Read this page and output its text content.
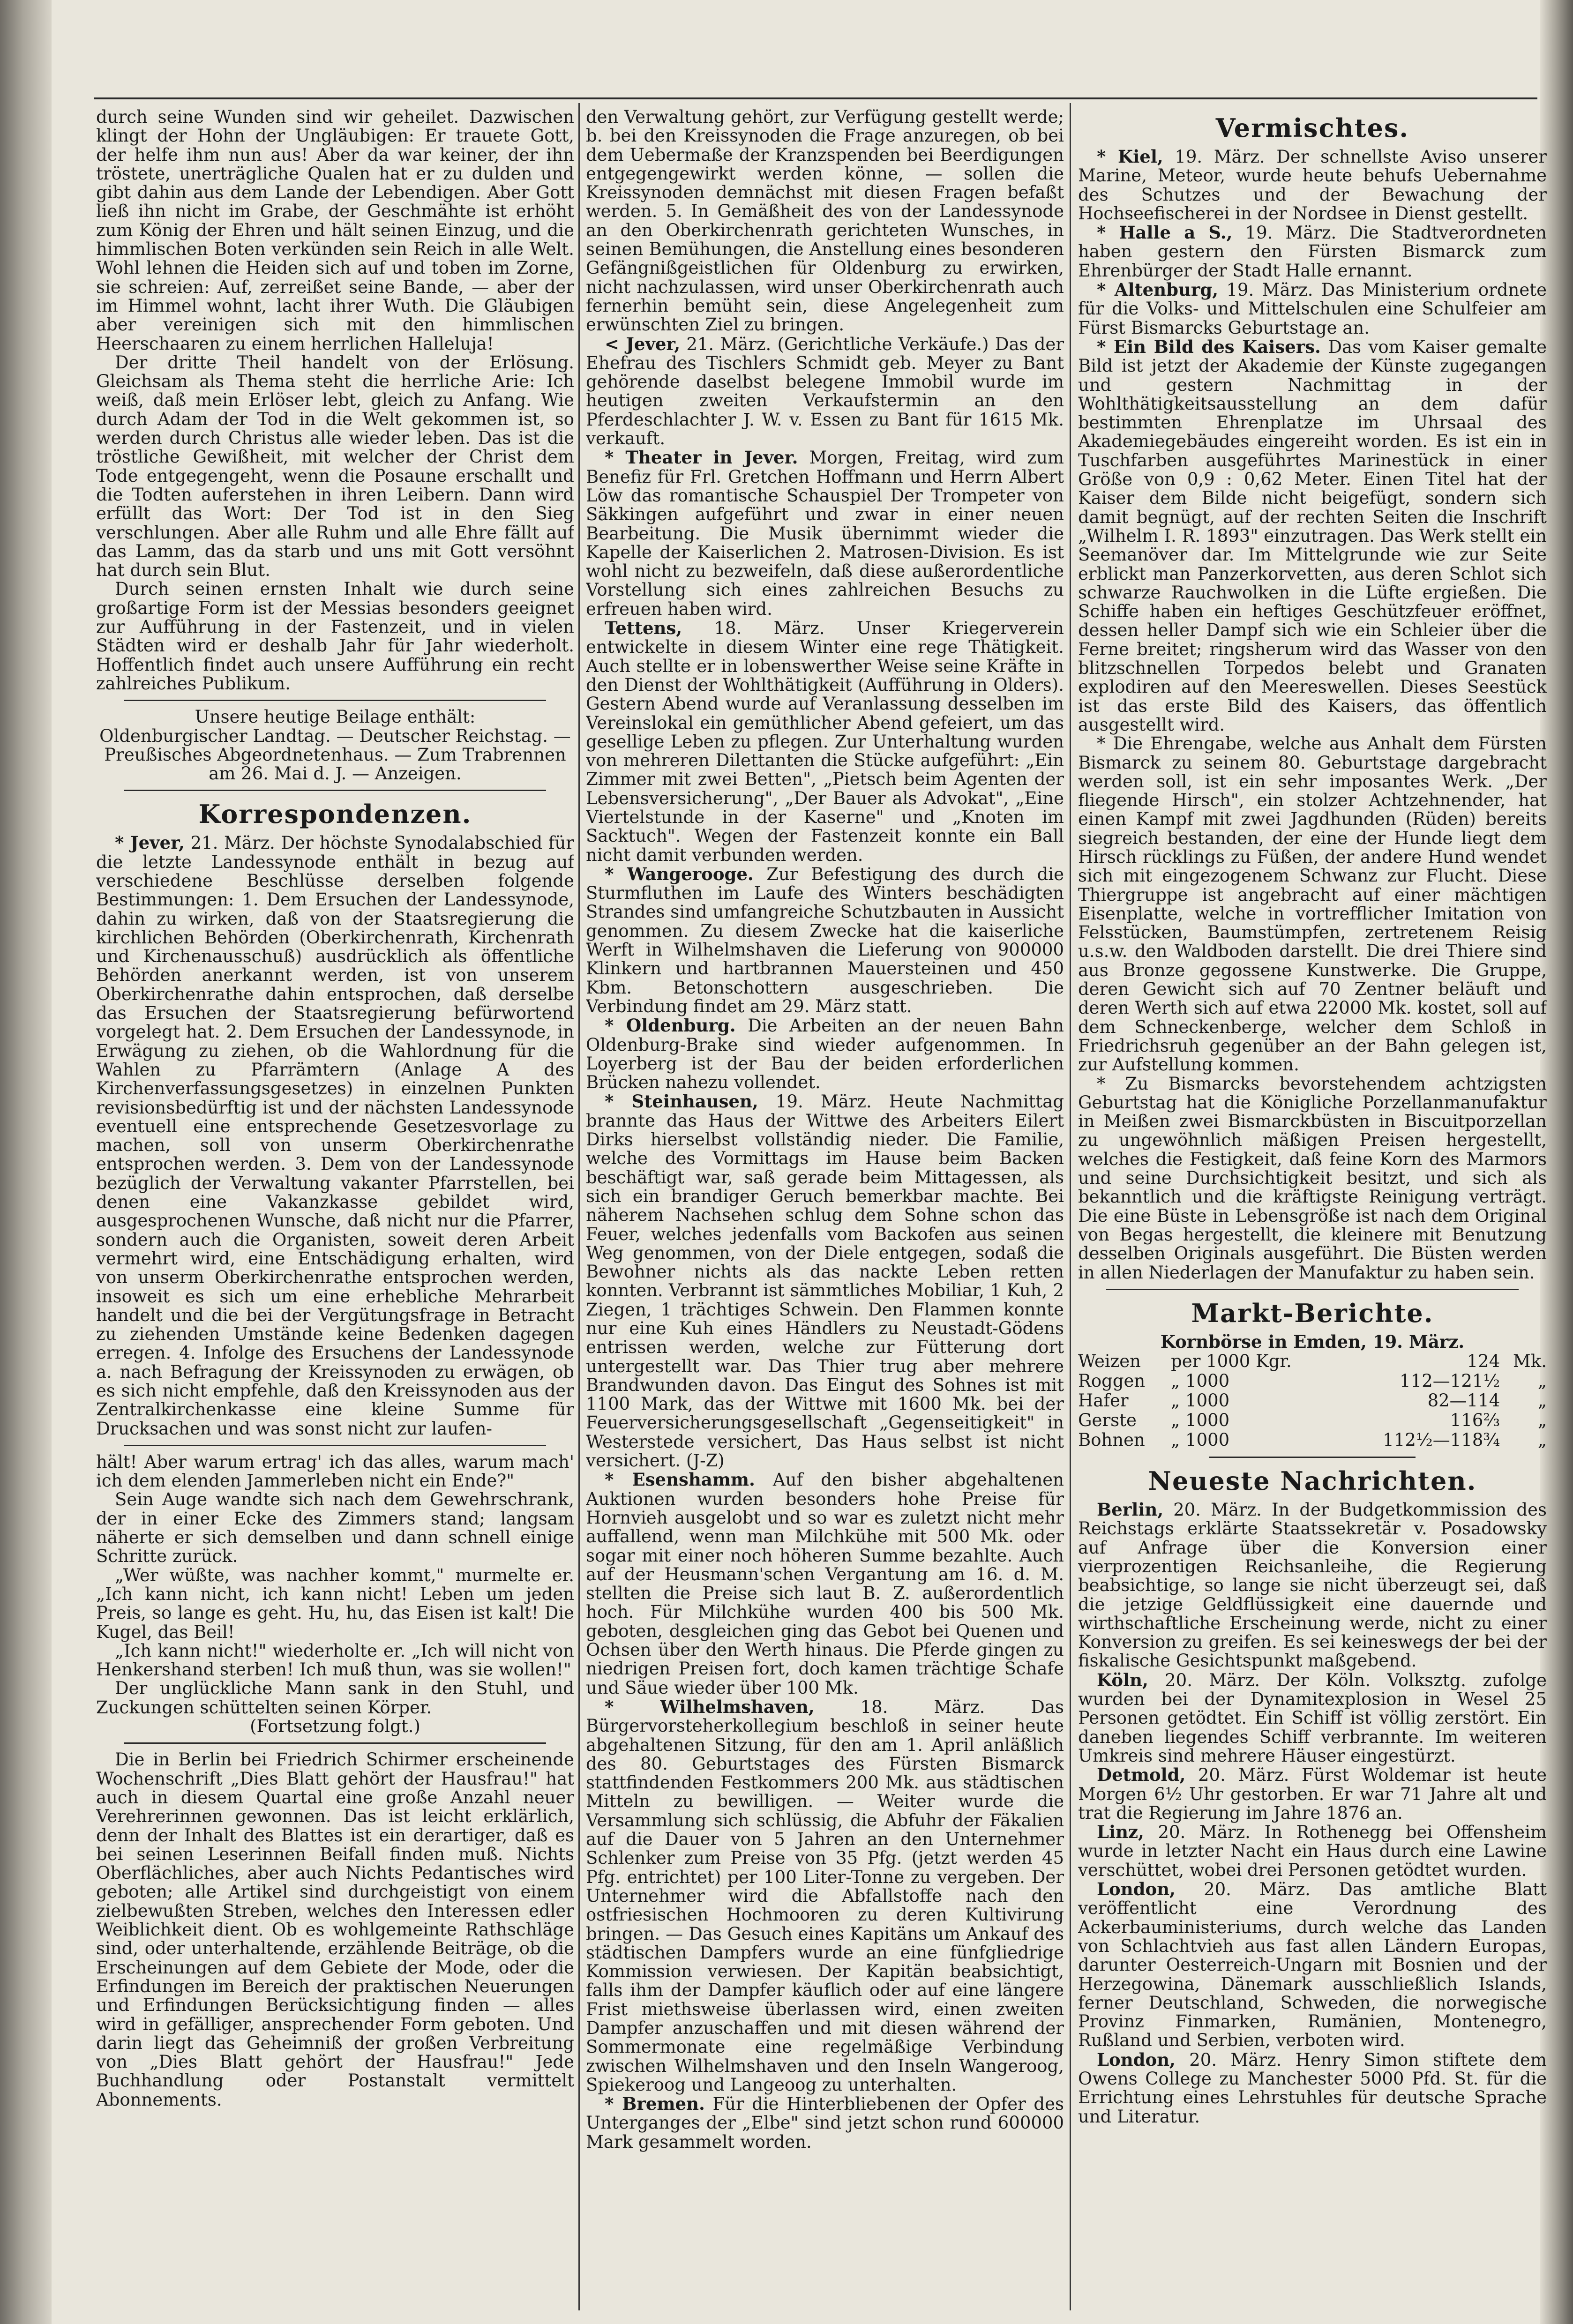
durch seine Wunden sind wir geheilet. Dazwischen klingt der Hohn der Ungläubigen: Er trauete Gott, der helfe ihm nun aus! Aber da war keiner, der ihn tröstete, unerträgliche Qualen hat er zu dulden und gibt dahin aus dem Lande der Lebendigen. Aber Gott ließ ihn nicht im Grabe, der Geschmähte ist erhöht zum König der Ehren und hält seinen Einzug, und die himmlischen Boten verkünden sein Reich in alle Welt. Wohl lehnen die Heiden sich auf und toben im Zorne, sie schreien: Auf, zerreißet seine Bande, — aber der im Himmel wohnt, lacht ihrer Wuth. Die Gläubigen aber vereinigen sich mit den himmlischen Heerschaaren zu einem herrlichen Halleluja!

Der dritte Theil handelt von der Erlösung. Gleichsam als Thema steht die herrliche Arie: Ich weiß, daß mein Erlöser lebt, gleich zu Anfang. Wie durch Adam der Tod in die Welt gekommen ist, so werden durch Christus alle wieder leben. Das ist die tröstliche Gewißheit, mit welcher der Christ dem Tode entgegengeht, wenn die Posaune erschallt und die Todten auferstehen in ihren Leibern. Dann wird erfüllt das Wort: Der Tod ist in den Sieg verschlungen. Aber alle Ruhm und alle Ehre fällt auf das Lamm, das da starb und uns mit Gott versöhnt hat durch sein Blut.

Durch seinen ernsten Inhalt wie durch seine großartige Form ist der Messias besonders geeignet zur Aufführung in der Fastenzeit, und in vielen Städten wird er deshalb Jahr für Jahr wiederholt. Hoffentlich findet auch unsere Aufführung ein recht zahlreiches Publikum.

Unsere heutige Beilage enthält:

Oldenburgischer Landtag. — Deutscher Reichstag. — Preußisches Abgeordnetenhaus. — Zum Trabrennen am 26. Mai d. J. — Anzeigen.

Korrespondenzen.

* Jever, 21. März. Der höchste Synodalabschied für die letzte Landessynode enthält in bezug auf verschiedene Beschlüsse derselben folgende Bestimmungen: 1. Dem Ersuchen der Landessynode, dahin zu wirken, daß von der Staatsregierung die kirchlichen Behörden (Oberkirchenrath, Kirchenrath und Kirchenausschuß) ausdrücklich als öffentliche Behörden anerkannt werden, ist von unserem Oberkirchenrathe dahin entsprochen, daß derselbe das Ersuchen der Staatsregierung befürwortend vorgelegt hat. 2. Dem Ersuchen der Landessynode, in Erwägung zu ziehen, ob die Wahlordnung für die Wahlen zu Pfarrämtern (Anlage A des Kirchenverfassungsgesetzes) in einzelnen Punkten revisionsbedürftig ist und der nächsten Landessynode eventuell eine entsprechende Gesetzesvorlage zu machen, soll von unserm Oberkirchenrathe entsprochen werden. 3. Dem von der Landessynode bezüglich der Verwaltung vakanter Pfarrstellen, bei denen eine Vakanzkasse gebildet wird, ausgesprochenen Wunsche, daß nicht nur die Pfarrer, sondern auch die Organisten, soweit deren Arbeit vermehrt wird, eine Entschädigung erhalten, wird von unserm Oberkirchenrathe entsprochen werden, insoweit es sich um eine erhebliche Mehrarbeit handelt und die bei der Vergütungsfrage in Betracht zu ziehenden Umstände keine Bedenken dagegen erregen. 4. Infolge des Ersuchens der Landessynode a. nach Befragung der Kreissynoden zu erwägen, ob es sich nicht empfehle, daß den Kreissynoden aus der Zentralkirchenkasse eine kleine Summe für Drucksachen und was sonst nicht zur laufen-

hält! Aber warum ertrag' ich das alles, warum mach' ich dem elenden Jammerleben nicht ein Ende?"

Sein Auge wandte sich nach dem Gewehrschrank, der in einer Ecke des Zimmers stand; langsam näherte er sich demselben und dann schnell einige Schritte zurück.

„Wer wüßte, was nachher kommt," murmelte er. „Ich kann nicht, ich kann nicht! Leben um jeden Preis, so lange es geht. Hu, hu, das Eisen ist kalt! Die Kugel, das Beil!

„Ich kann nicht!" wiederholte er. „Ich will nicht von Henkershand sterben! Ich muß thun, was sie wollen!"

Der unglückliche Mann sank in den Stuhl, und Zuckungen schüttelten seinen Körper.

(Fortsetzung folgt.)

Die in Berlin bei Friedrich Schirmer erscheinende Wochenschrift „Dies Blatt gehört der Hausfrau!" hat auch in diesem Quartal eine große Anzahl neuer Verehrerinnen gewonnen. Das ist leicht erklärlich, denn der Inhalt des Blattes ist ein derartiger, daß es bei seinen Leserinnen Beifall finden muß. Nichts Oberflächliches, aber auch Nichts Pedantisches wird geboten; alle Artikel sind durchgeistigt von einem zielbewußten Streben, welches den Interessen edler Weiblichkeit dient. Ob es wohlgemeinte Rathschläge sind, oder unterhaltende, erzählende Beiträge, ob die Erscheinungen auf dem Gebiete der Mode, oder die Erfindungen im Bereich der praktischen Neuerungen und Erfindungen Berücksichtigung finden — alles wird in gefälliger, ansprechender Form geboten. Und darin liegt das Geheimniß der großen Verbreitung von „Dies Blatt gehört der Hausfrau!" Jede Buchhandlung oder Postanstalt vermittelt Abonnements.

den Verwaltung gehört, zur Verfügung gestellt werde; b. bei den Kreissynoden die Frage anzuregen, ob bei dem Uebermaße der Kranzspenden bei Beerdigungen entgegengewirkt werden könne, — sollen die Kreissynoden demnächst mit diesen Fragen befaßt werden. 5. In Gemäßheit des von der Landessynode an den Oberkirchenrath gerichteten Wunsches, in seinen Bemühungen, die Anstellung eines besonderen Gefängnißgeistlichen für Oldenburg zu erwirken, nicht nachzulassen, wird unser Oberkirchenrath auch fernerhin bemüht sein, diese Angelegenheit zum erwünschten Ziel zu bringen.

< Jever, 21. März. (Gerichtliche Verkäufe.) Das der Ehefrau des Tischlers Schmidt geb. Meyer zu Bant gehörende daselbst belegene Immobil wurde im heutigen zweiten Verkaufstermin an den Pferdeschlachter J. W. v. Essen zu Bant für 1615 Mk. verkauft.

* Theater in Jever. Morgen, Freitag, wird zum Benefiz für Frl. Gretchen Hoffmann und Herrn Albert Löw das romantische Schauspiel Der Trompeter von Säkkingen aufgeführt und zwar in einer neuen Bearbeitung. Die Musik übernimmt wieder die Kapelle der Kaiserlichen 2. Matrosen-Division. Es ist wohl nicht zu bezweifeln, daß diese außerordentliche Vorstellung sich eines zahlreichen Besuchs zu erfreuen haben wird.

Tettens, 18. März. Unser Kriegerverein entwickelte in diesem Winter eine rege Thätigkeit. Auch stellte er in lobenswerther Weise seine Kräfte in den Dienst der Wohlthätigkeit (Aufführung in Olders). Gestern Abend wurde auf Veranlassung desselben im Vereinslokal ein gemüthlicher Abend gefeiert, um das gesellige Leben zu pflegen. Zur Unterhaltung wurden von mehreren Dilettanten die Stücke aufgeführt: „Ein Zimmer mit zwei Betten", „Pietsch beim Agenten der Lebensversicherung", „Der Bauer als Advokat", „Eine Viertelstunde in der Kaserne" und „Knoten im Sacktuch". Wegen der Fastenzeit konnte ein Ball nicht damit verbunden werden.

* Wangerooge. Zur Befestigung des durch die Sturmfluthen im Laufe des Winters beschädigten Strandes sind umfangreiche Schutzbauten in Aussicht genommen. Zu diesem Zwecke hat die kaiserliche Werft in Wilhelmshaven die Lieferung von 900000 Klinkern und hartbrannen Mauersteinen und 450 Kbm. Betonschottern ausgeschrieben. Die Verbindung findet am 29. März statt.

* Oldenburg. Die Arbeiten an der neuen Bahn Oldenburg-Brake sind wieder aufgenommen. In Loyerberg ist der Bau der beiden erforderlichen Brücken nahezu vollendet.

* Steinhausen, 19. März. Heute Nachmittag brannte das Haus der Wittwe des Arbeiters Eilert Dirks hierselbst vollständig nieder. Die Familie, welche des Vormittags im Hause beim Backen beschäftigt war, saß gerade beim Mittagessen, als sich ein brandiger Geruch bemerkbar machte. Bei näherem Nachsehen schlug dem Sohne schon das Feuer, welches jedenfalls vom Backofen aus seinen Weg genommen, von der Diele entgegen, sodaß die Bewohner nichts als das nackte Leben retten konnten. Verbrannt ist sämmtliches Mobiliar, 1 Kuh, 2 Ziegen, 1 trächtiges Schwein. Den Flammen konnte nur eine Kuh eines Händlers zu Neustadt-Gödens entrissen werden, welche zur Fütterung dort untergestellt war. Das Thier trug aber mehrere Brandwunden davon. Das Eingut des Sohnes ist mit 1100 Mark, das der Wittwe mit 1600 Mk. bei der Feuerversicherungsgesellschaft „Gegenseitigkeit" in Westerstede versichert, Das Haus selbst ist nicht versichert. (J-Z)

* Esenshamm. Auf den bisher abgehaltenen Auktionen wurden besonders hohe Preise für Hornvieh ausgelobt und so war es zuletzt nicht mehr auffallend, wenn man Milchkühe mit 500 Mk. oder sogar mit einer noch höheren Summe bezahlte. Auch auf der Heusmann'schen Vergantung am 16. d. M. stellten die Preise sich laut B. Z. außerordentlich hoch. Für Milchkühe wurden 400 bis 500 Mk. geboten, desgleichen ging das Gebot bei Quenen und Ochsen über den Werth hinaus. Die Pferde gingen zu niedrigen Preisen fort, doch kamen trächtige Schafe und Säue wieder über 100 Mk.

* Wilhelmshaven,	18. März. Das Bürgervorsteherkollegium beschloß in seiner heute abgehaltenen Sitzung, für den am 1. April anläßlich des 80. Geburtstages des Fürsten Bismarck stattfindenden Festkommers 200 Mk. aus städtischen Mitteln zu bewilligen. — Weiter wurde die Versammlung sich schlüssig, die Abfuhr der Fäkalien auf die Dauer von 5 Jahren an den Unternehmer Schlenker zum Preise von 35 Pfg. (jetzt werden 45 Pfg. entrichtet) per 100 Liter-Tonne zu vergeben. Der Unternehmer wird die Abfallstoffe nach den ostfriesischen Hochmooren zu deren Kultivirung bringen. — Das Gesuch eines Kapitäns um Ankauf des städtischen Dampfers wurde an eine fünfgliedrige Kommission verwiesen. Der Kapitän beabsichtigt, falls ihm der Dampfer käuflich oder auf eine längere Frist miethsweise überlassen wird, einen zweiten Dampfer anzuschaffen und mit diesen während der Sommermonate eine regelmäßige Verbindung zwischen Wilhelmshaven und den Inseln Wangeroog, Spiekeroog und Langeoog zu unterhalten.

* Bremen. Für die Hinterbliebenen der Opfer des Unterganges der „Elbe" sind jetzt schon rund 600000 Mark gesammelt worden.

Vermischtes.

* Kiel, 19. März. Der schnellste Aviso unserer Marine, Meteor, wurde heute behufs Uebernahme des Schutzes und der Bewachung der Hochseefischerei in der Nordsee in Dienst gestellt.

* Halle a S., 19. März. Die Stadtverordneten haben gestern den Fürsten Bismarck zum Ehrenbürger der Stadt Halle ernannt.

* Altenburg, 19. März. Das Ministerium ordnete für die Volks- und Mittelschulen eine Schulfeier am Fürst Bismarcks Geburtstage an.

* Ein Bild des Kaisers. Das vom Kaiser gemalte Bild ist jetzt der Akademie der Künste zugegangen und gestern Nachmittag in der Wohlthätigkeitsausstellung an dem dafür bestimmten Ehrenplatze im Uhrsaal des Akademiegebäudes eingereiht worden. Es ist ein in Tuschfarben ausgeführtes Marinestück in einer Größe von 0,9 : 0,62 Meter. Einen Titel hat der Kaiser dem Bilde nicht beigefügt, sondern sich damit begnügt, auf der rechten Seiten die Inschrift „Wilhelm I. R. 1893" einzutragen. Das Werk stellt ein Seemanöver dar. Im Mittelgrunde wie zur Seite erblickt man Panzerkorvetten, aus deren Schlot sich schwarze Rauchwolken in die Lüfte ergießen. Die Schiffe haben ein heftiges Geschützfeuer eröffnet, dessen heller Dampf sich wie ein Schleier über die Ferne breitet; ringsherum wird das Wasser von den blitzschnellen Torpedos belebt und Granaten explodiren auf den Meereswellen. Dieses Seestück ist das erste Bild des Kaisers, das öffentlich ausgestellt wird.

* Die Ehrengabe, welche aus Anhalt dem Fürsten Bismarck zu seinem 80. Geburtstage dargebracht werden soll, ist ein sehr imposantes Werk. „Der fliegende Hirsch", ein stolzer Achtzehnender, hat einen Kampf mit zwei Jagdhunden (Rüden) bereits siegreich bestanden, der eine der Hunde liegt dem Hirsch rücklings zu Füßen, der andere Hund wendet sich mit eingezogenem Schwanz zur Flucht. Diese Thiergruppe ist angebracht auf einer mächtigen Eisenplatte, welche in vortrefflicher Imitation von Felsstücken, Baumstümpfen, zertretenem Reisig u.s.w. den Waldboden darstellt. Die drei Thiere sind aus Bronze gegossene Kunstwerke. Die Gruppe, deren Gewicht sich auf 70 Zentner beläuft und deren Werth sich auf etwa 22000 Mk. kostet, soll auf dem Schneckenberge, welcher dem Schloß in Friedrichsruh gegenüber an der Bahn gelegen ist, zur Aufstellung kommen.

* Zu Bismarcks bevorstehendem achtzigsten Geburtstag hat die Königliche Porzellanmanufaktur in Meißen zwei Bismarckbüsten in Biscuitporzellan zu ungewöhnlich mäßigen Preisen hergestellt, welches die Festigkeit, daß feine Korn des Marmors und seine Durchsichtigkeit besitzt, und sich als bekanntlich und die kräftigste Reinigung verträgt. Die eine Büste in Lebensgröße ist nach dem Original von Begas hergestellt, die kleinere mit Benutzung desselben Originals ausgeführt. Die Büsten werden in allen Niederlagen der Manufaktur zu haben sein.

Markt-Berichte.

Kornbörse in Emden, 19. März.

Weizen	per 1000 Kgr.	124	Mk.
Roggen	„ 1000	112—121½	„
Hafer	„ 1000	82—114	„
Gerste	„ 1000	116⅔	„
Bohnen	„ 1000	112½—118¾	„
Neueste Nachrichten.

Berlin, 20. März. In der Budgetkommission des Reichstags erklärte Staatssekretär v. Posadowsky auf Anfrage über die Konversion einer vierprozentigen Reichsanleihe, die Regierung beabsichtige, so lange sie nicht überzeugt sei, daß die jetzige Geldflüssigkeit eine dauernde und wirthschaftliche Erscheinung werde, nicht zu einer Konversion zu greifen. Es sei keineswegs der bei der fiskalische Gesichtspunkt maßgebend.

Köln, 20. März. Der Köln. Volksztg. zufolge wurden bei der Dynamitexplosion in Wesel 25 Personen getödtet. Ein Schiff ist völlig zerstört. Ein daneben liegendes Schiff verbrannte. Im weiteren Umkreis sind mehrere Häuser eingestürzt.

Detmold, 20. März. Fürst Woldemar ist heute Morgen 6½ Uhr gestorben. Er war 71 Jahre alt und trat die Regierung im Jahre 1876 an.

Linz, 20. März. In Rothenegg bei Offensheim wurde in letzter Nacht ein Haus durch eine Lawine verschüttet, wobei drei Personen getödtet wurden.

London, 20. März. Das amtliche Blatt veröffentlicht eine Verordnung des Ackerbauministeriums, durch welche das Landen von Schlachtvieh aus fast allen Ländern Europas, darunter Oesterreich-Ungarn mit Bosnien und der Herzegowina, Dänemark ausschließlich Islands, ferner Deutschland, Schweden, die norwegische Provinz Finmarken, Rumänien, Montenegro, Rußland und Serbien, verboten wird.

London, 20. März. Henry Simon stiftete dem Owens College zu Manchester 5000 Pfd. St. für die Errichtung eines Lehrstuhles für deutsche Sprache und Literatur.
